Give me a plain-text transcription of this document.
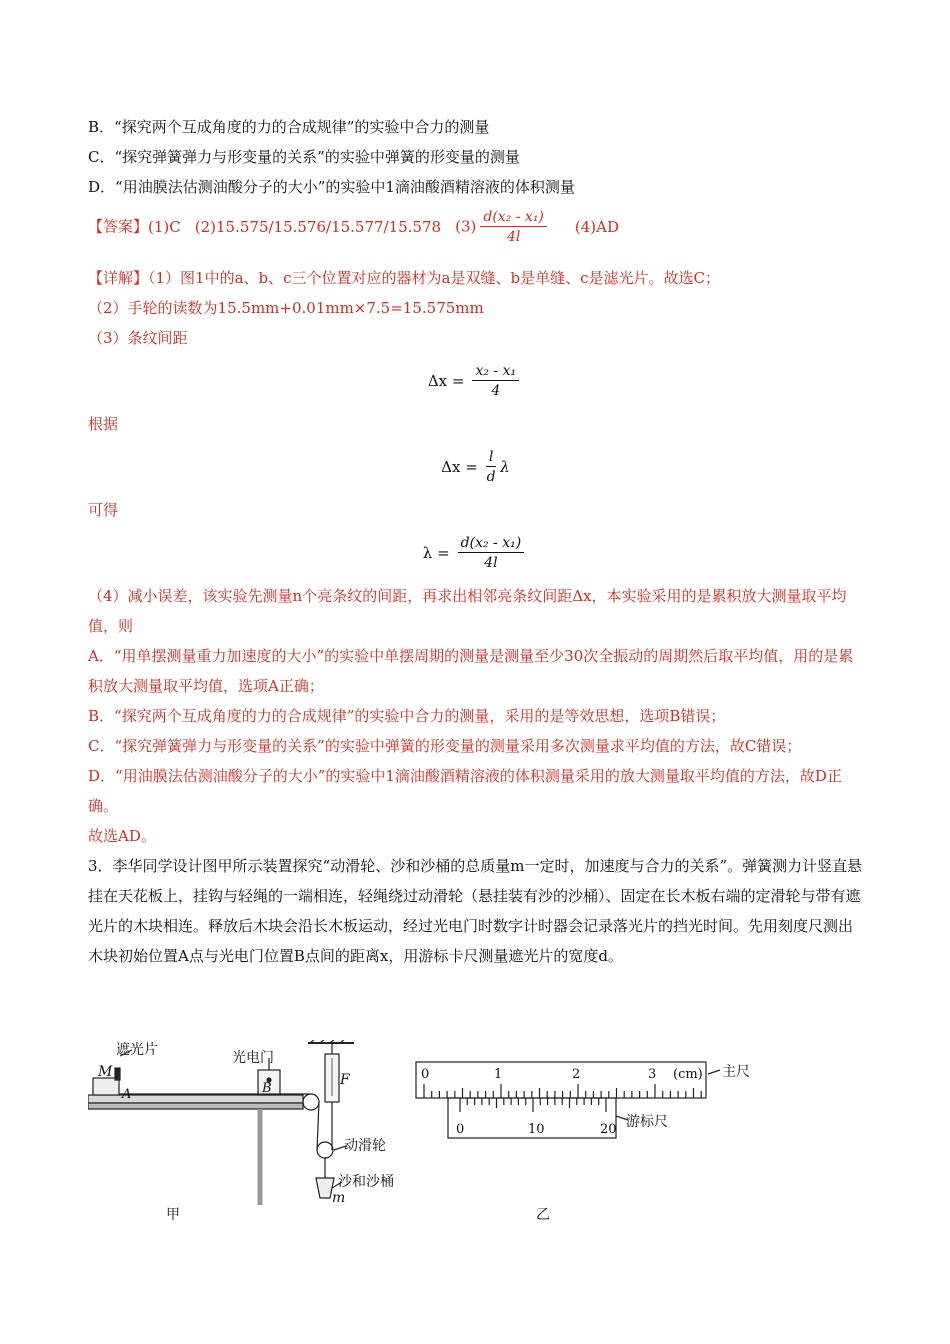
B．“探究两个互成角度的力的合成规律”的实验中合力的测量
C．“探究弹簧弹力与形变量的关系”的实验中弹簧的形变量的测量
D．“用油膜法估测油酸分子的大小”的实验中1滴油酸酒精溶液的体积测量
【答案】(1)C (2)15.575/15.576/15.577/15.578 $(3) \frac{\text{d(x₂ - x₁)}}{4l} (4)AD$
【详解】（1）图1中的a、b、c三个位置对应的器材为a是双缝、b是单缝、c是滤光片。故选C；
（2）手轮的读数为15.5mm+0.01mm×7.5=15.575mm
（3）条纹间距
$\Delta x = \frac{\text{x₂ - x₁}}{4}$
根据
$\Delta x = \frac{l}{d}$ λ
可得
$\lambda = \frac{\text{d(x₂ - x₁)}}{4l}$
（4）减小误差，该实验先测量n个亮条纹的间距，再求出相邻亮条纹间距Δx，本实验采用的是累积放大测量取平均值，则
A．“用单摆测量重力加速度的大小”的实验中单摆周期的测量是测量至少30次全振动的周期然后取平均值，用的是累积放大测量取平均值，选项A正确；
B．“探究两个互成角度的力的合成规律”的实验中合力的测量，采用的是等效思想，选项B错误；
C．“探究弹簧弹力与形变量的关系”的实验中弹簧的形变量的测量采用多次测量求平均值的方法，故C错误；
D．“用油膜法估测油酸分子的大小”的实验中1滴油酸酒精溶液的体积测量采用的放大测量取平均值的方法，故D正确。
故选AD。
3．李华同学设计图甲所示装置探究“动滑轮、沙和沙桶的总质量m一定时，加速度与合力的关系”。弹簧测力计竖直悬挂在天花板上，挂钩与轻绳的一端相连，轻绳绕过动滑轮（悬挂装有沙的沙桶）、固定在长木板右端的定滑轮与带有遮光片的木块相连。释放后木块会沿长木板运动，经过光电门时数字计时器会记录落光片的挡光时间。先用刻度尺测出木块初始位置A点与光电门位置B点间的距离x，用游标卡尺测量遮光片的宽度d。
遮光片	光电门
M
A	B
F
动滑轮
沙和沙桶
m
0	1	2	3 (cm) 主尺
0	10	20 游标尺
甲	乙
